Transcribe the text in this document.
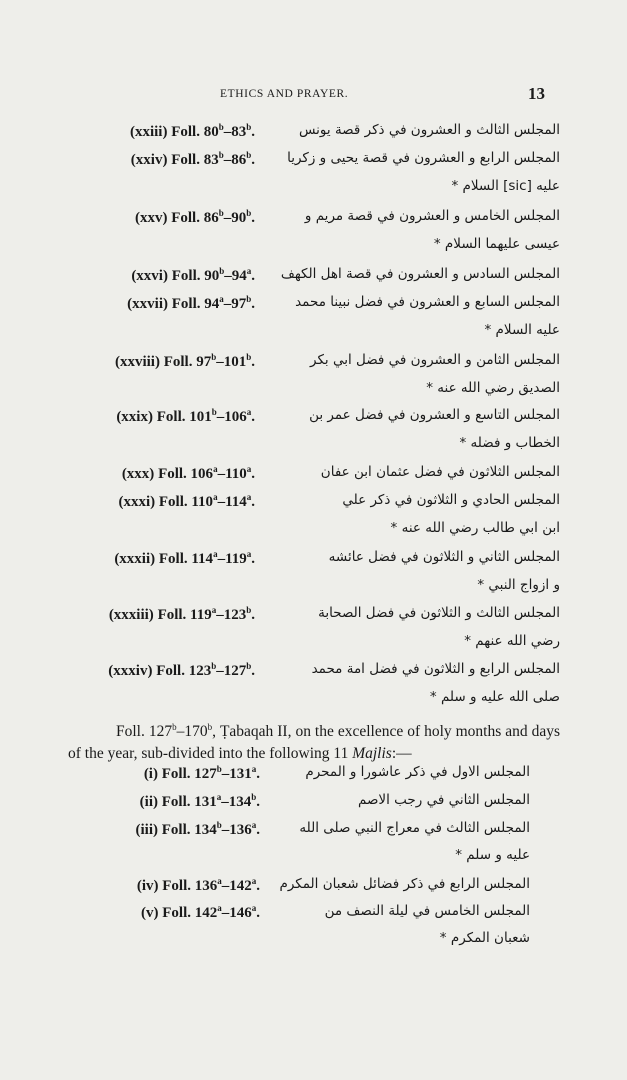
ETHICS AND PRAYER.	13
(xxiii) Foll. 80$^b$–83$^b$.	المجلس الثالث و العشرون في ذكر قصة يونس
(xxiv) Foll. 83$^b$–86$^b$.	المجلس الرابع و العشرون في قصة يحيى و زكريا
عليه [sic] السلام *
(xxv) Foll. 86$^b$–90$^b$.	المجلس الخامس و العشرون في قصة مريم و
عيسى عليهما السلام *
(xxvi) Foll. 90$^b$–94$^a$.	المجلس السادس و العشرون في قصة اهل الكهف
(xxvii) Foll. 94$^a$–97$^b$.	المجلس السابع و العشرون في فضل نبينا محمد
عليه السلام *
(xxviii) Foll. 97$^b$–101$^b$.	المجلس الثامن و العشرون في فضل ابي بكر
الصديق رضي الله عنه *
(xxix) Foll. 101$^b$–106$^a$.	المجلس التاسع و العشرون في فضل عمر بن
الخطاب و فضله *
(xxx) Foll. 106$^a$–110$^a$.	المجلس الثلاثون في فضل عثمان ابن عفان
(xxxi) Foll. 110$^a$–114$^a$.	المجلس الحادي و الثلاثون في ذكر علي
ابن ابي طالب رضي الله عنه *
(xxxii) Foll. 114$^a$–119$^a$.	المجلس الثاني و الثلاثون في فضل عائشه
و ازواج النبي *
(xxxiii) Foll. 119$^a$–123$^b$.	المجلس الثالث و الثلاثون في فضل الصحابة
رضي الله عنهم *
(xxxiv) Foll. 123$^b$–127$^b$.	المجلس الرابع و الثلاثون في فضل امة محمد
صلى الله عليه و سلم *
Foll. 127$^b$–170$^b$, Ṭabaqah II, on the excellence of holy months and days of the year, sub-divided into the following 11 Majlis:—
(i) Foll. 127$^b$–131$^a$.	المجلس الاول في ذكر عاشورا و المحرم
(ii) Foll. 131$^a$–134$^b$.	المجلس الثاني في رجب الاصم
(iii) Foll. 134$^b$–136$^a$.	المجلس الثالث في معراج النبي صلى الله
عليه و سلم *
(iv) Foll. 136$^a$–142$^a$.	المجلس الرابع في ذكر فضائل شعبان المكرم
(v) Foll. 142$^a$–146$^a$.	المجلس الخامس في ليلة النصف من
شعبان المكرم *
